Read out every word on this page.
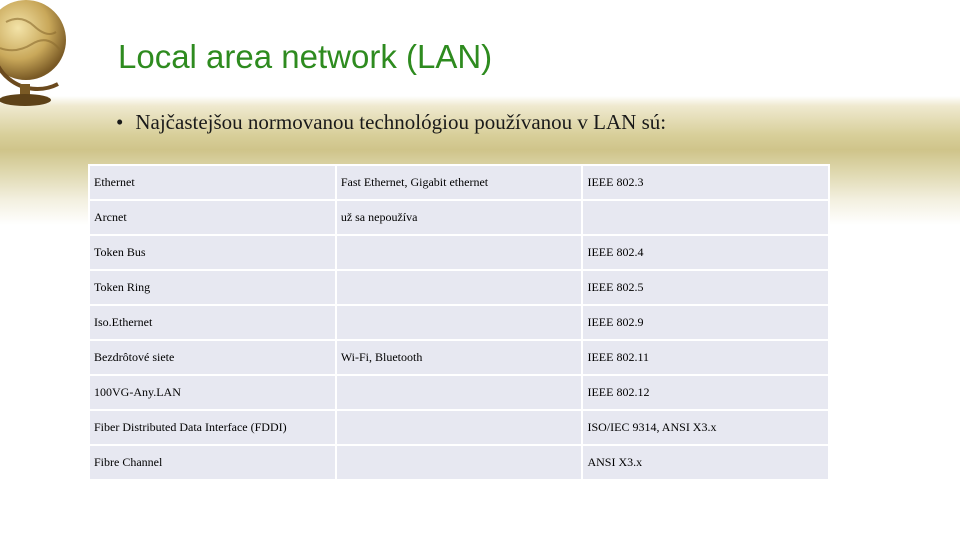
Local area network (LAN)
• Najčastejšou normovanou technológiou používanou v LAN sú:
Ethernet	Fast Ethernet, Gigabit ethernet	IEEE 802.3
Arcnet	už sa nepoužíva	
Token Bus		IEEE 802.4
Token Ring		IEEE 802.5
Iso.Ethernet		IEEE 802.9
Bezdrôtové siete	Wi-Fi, Bluetooth	IEEE 802.11
100VG-Any.LAN		IEEE 802.12
Fiber Distributed Data Interface (FDDI)		ISO/IEC 9314, ANSI X3.x
Fibre Channel		ANSI X3.x
